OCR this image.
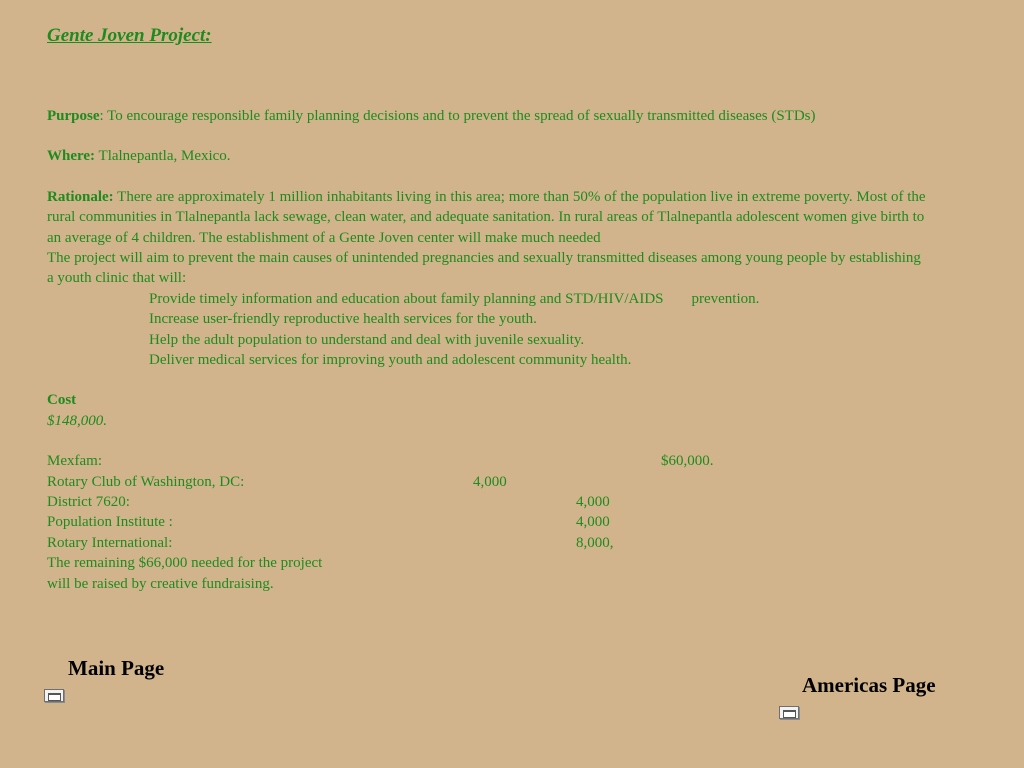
Gente Joven Project:
Purpose: To encourage responsible family planning decisions and to prevent the spread of sexually transmitted diseases (STDs)
Where: Tlalnepantla, Mexico.
Rationale: There are approximately 1 million inhabitants living in this area; more than 50% of the population live in extreme poverty. Most of the rural communities in Tlalnepantla lack sewage, clean water, and adequate sanitation. In rural areas of Tlalnepantla adolescent women give birth to an average of 4 children. The establishment of a Gente Joven center will make much needed
The project will aim to prevent the main causes of unintended pregnancies and sexually transmitted diseases among young people by establishing a youth clinic that will:
Provide timely information and education about family planning and STD/HIV/AIDS prevention.
Increase user-friendly reproductive health services for the youth.
Help the adult population to understand and deal with juvenile sexuality.
Deliver medical services for improving youth and adolescent community health.
Cost
$148,000.
Mexfam:	$60,000.
Rotary Club of Washington, DC:	4,000
District 7620:	4,000
Population Institute :	4,000
Rotary International:	8,000,
The remaining $66,000 needed for the project
will be raised by creative fundraising.
Main Page
Americas Page
